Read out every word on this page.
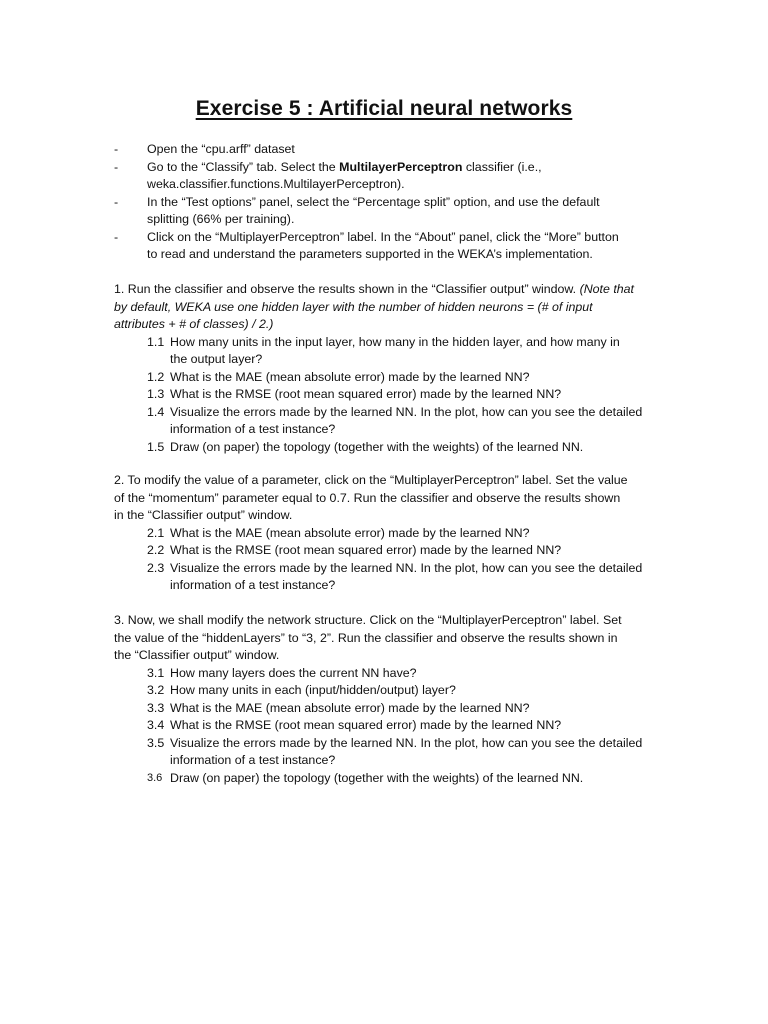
Exercise 5 : Artificial neural networks
-	Open the “cpu.arff” dataset
-	Go to the “Classify” tab. Select the MultilayerPerceptron classifier (i.e.,
weka.classifier.functions.MultilayerPerceptron).
-	In the “Test options” panel, select the “Percentage split” option, and use the default
splitting (66% per training).
-	Click on the “MultiplayerPerceptron” label. In the “About” panel, click the “More” button
to read and understand the parameters supported in the WEKA’s implementation.
1. Run the classifier and observe the results shown in the “Classifier output” window. (Note that
by default, WEKA use one hidden layer with the number of hidden neurons = (# of input
attributes + # of classes) / 2.)
1.1 How many units in the input layer, how many in the hidden layer, and how many in
the output layer?
1.2 What is the MAE (mean absolute error) made by the learned NN?
1.3 What is the RMSE (root mean squared error) made by the learned NN?
1.4 Visualize the errors made by the learned NN. In the plot, how can you see the detailed
information of a test instance?
1.5 Draw (on paper) the topology (together with the weights) of the learned NN.
2. To modify the value of a parameter, click on the “MultiplayerPerceptron” label. Set the value
of the “momentum” parameter equal to 0.7. Run the classifier and observe the results shown
in the “Classifier output” window.
2.1 What is the MAE (mean absolute error) made by the learned NN?
2.2 What is the RMSE (root mean squared error) made by the learned NN?
2.3 Visualize the errors made by the learned NN. In the plot, how can you see the detailed
information of a test instance?
3. Now, we shall modify the network structure. Click on the “MultiplayerPerceptron” label. Set
the value of the “hiddenLayers” to “3, 2”. Run the classifier and observe the results shown in
the “Classifier output” window.
3.1 How many layers does the current NN have?
3.2 How many units in each (input/hidden/output) layer?
3.3 What is the MAE (mean absolute error) made by the learned NN?
3.4 What is the RMSE (root mean squared error) made by the learned NN?
3.5 Visualize the errors made by the learned NN. In the plot, how can you see the detailed
information of a test instance?
3.6 Draw (on paper) the topology (together with the weights) of the learned NN.
